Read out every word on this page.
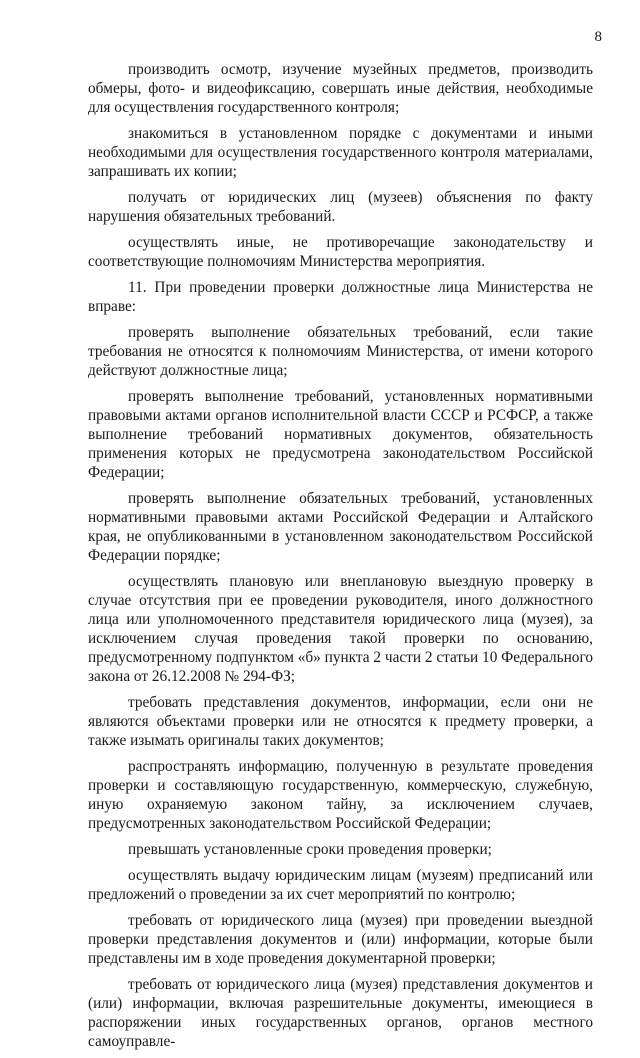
8

производить осмотр, изучение музейных предметов, производить обмеры, фото- и видеофиксацию, совершать иные действия, необходимые для осуществления государственного контроля;

знакомиться в установленном порядке с документами и иными необходимыми для осуществления государственного контроля материалами, запрашивать их копии;

получать от юридических лиц (музеев) объяснения по факту нарушения обязательных требований.

осуществлять иные, не противоречащие законодательству и соответствующие полномочиям Министерства мероприятия.

11. При проведении проверки должностные лица Министерства не вправе:

проверять выполнение обязательных требований, если такие требования не относятся к полномочиям Министерства, от имени которого действуют должностные лица;

проверять выполнение требований, установленных нормативными правовыми актами органов исполнительной власти СССР и РСФСР, а также выполнение требований нормативных документов, обязательность применения которых не предусмотрена законодательством Российской Федерации;

проверять выполнение обязательных требований, установленных нормативными правовыми актами Российской Федерации и Алтайского края, не опубликованными в установленном законодательством Российской Федерации порядке;

осуществлять плановую или внеплановую выездную проверку в случае отсутствия при ее проведении руководителя, иного должностного лица или уполномоченного представителя юридического лица (музея), за исключением случая проведения такой проверки по основанию, предусмотренному подпунктом «б» пункта 2 части 2 статьи 10 Федерального закона от 26.12.2008 № 294-ФЗ;

требовать представления документов, информации, если они не являются объектами проверки или не относятся к предмету проверки, а также изымать оригиналы таких документов;

распространять информацию, полученную в результате проведения проверки и составляющую государственную, коммерческую, служебную, иную охраняемую законом тайну, за исключением случаев, предусмотренных законодательством Российской Федерации;

превышать установленные сроки проведения проверки;

осуществлять выдачу юридическим лицам (музеям) предписаний или предложений о проведении за их счет мероприятий по контролю;

требовать от юридического лица (музея) при проведении выездной проверки представления документов и (или) информации, которые были представлены им в ходе проведения документарной проверки;

требовать от юридического лица (музея) представления документов и (или) информации, включая разрешительные документы, имеющиеся в распоряжении иных государственных органов, органов местного самоуправле-
